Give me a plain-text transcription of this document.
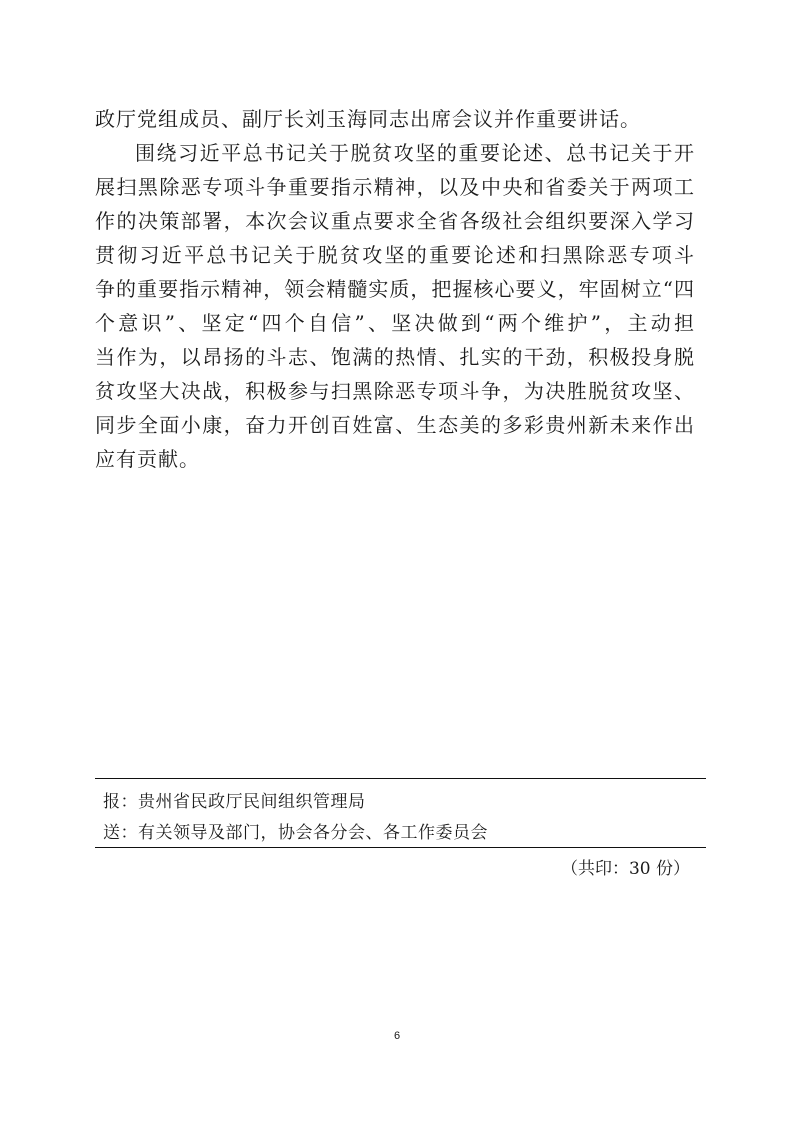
政厅党组成员、副厅长刘玉海同志出席会议并作重要讲话。
围绕习近平总书记关于脱贫攻坚的重要论述、总书记关于开
展扫黑除恶专项斗争重要指示精神，以及中央和省委关于两项工
作的决策部署，本次会议重点要求全省各级社会组织要深入学习
贯彻习近平总书记关于脱贫攻坚的重要论述和扫黑除恶专项斗
争的重要指示精神，领会精髓实质，把握核心要义，牢固树立“四
个意识”、坚定“四个自信”、坚决做到“两个维护”，主动担
当作为，以昂扬的斗志、饱满的热情、扎实的干劲，积极投身脱
贫攻坚大决战，积极参与扫黑除恶专项斗争，为决胜脱贫攻坚、
同步全面小康，奋力开创百姓富、生态美的多彩贵州新未来作出
应有贡献。
报：贵州省民政厅民间组织管理局
送：有关领导及部门，协会各分会、各工作委员会
（共印：30 份）
6
